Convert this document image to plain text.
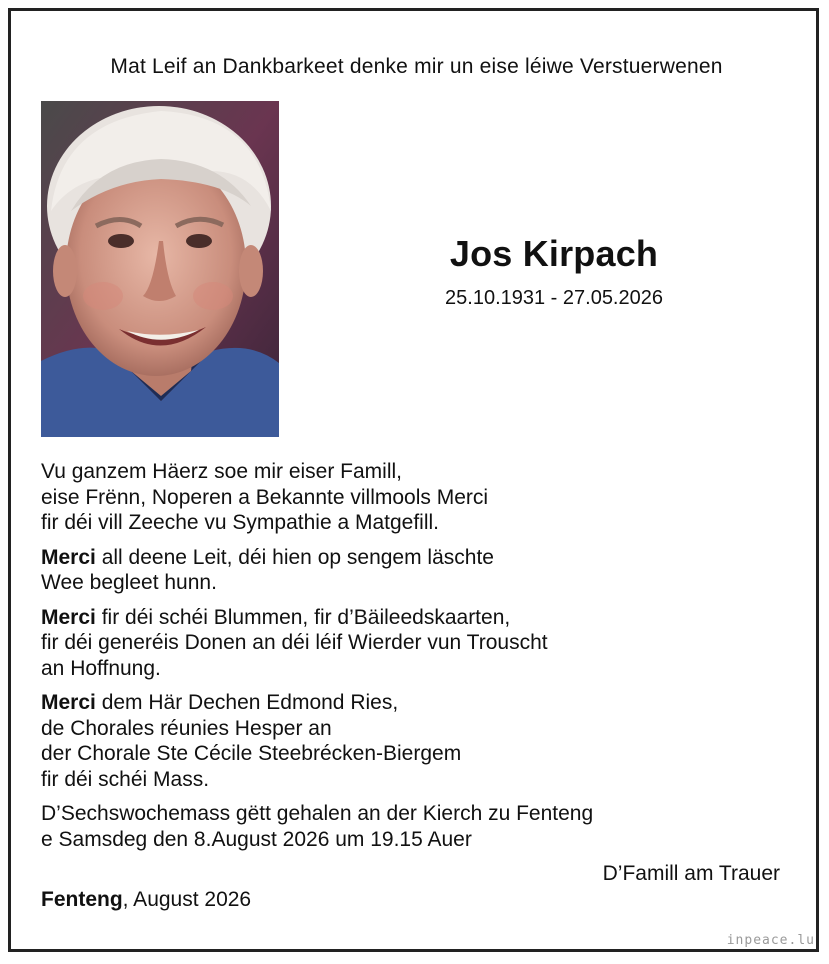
Mat Leif an Dankbarkeet denke mir un eise léiwe Verstuerwenen
Jos Kirpach
25.10.1931 - 27.05.2026
Vu ganzem Häerz soe mir eiser Famill,
eise Frënn, Noperen a Bekannte villmools Merci
fir déi vill Zeeche vu Sympathie a Matgefill.
Merci all deene Leit, déi hien op sengem läschte
Wee begleet hunn.
Merci fir déi schéi Blummen, fir d’Bäileedskaarten,
fir déi generéis Donen an déi léif Wierder vun Trouscht
an Hoffnung.
Merci dem Här Dechen Edmond Ries,
de Chorales réunies Hesper an
der Chorale Ste Cécile Steebrécken-Biergem
fir déi schéi Mass.
D’Sechswochemass gëtt gehalen an der Kierch zu Fenteng
e Samsdeg den 8.August 2026 um 19.15 Auer
D’Famill am Trauer
Fenteng, August 2026
inpeace.lu
